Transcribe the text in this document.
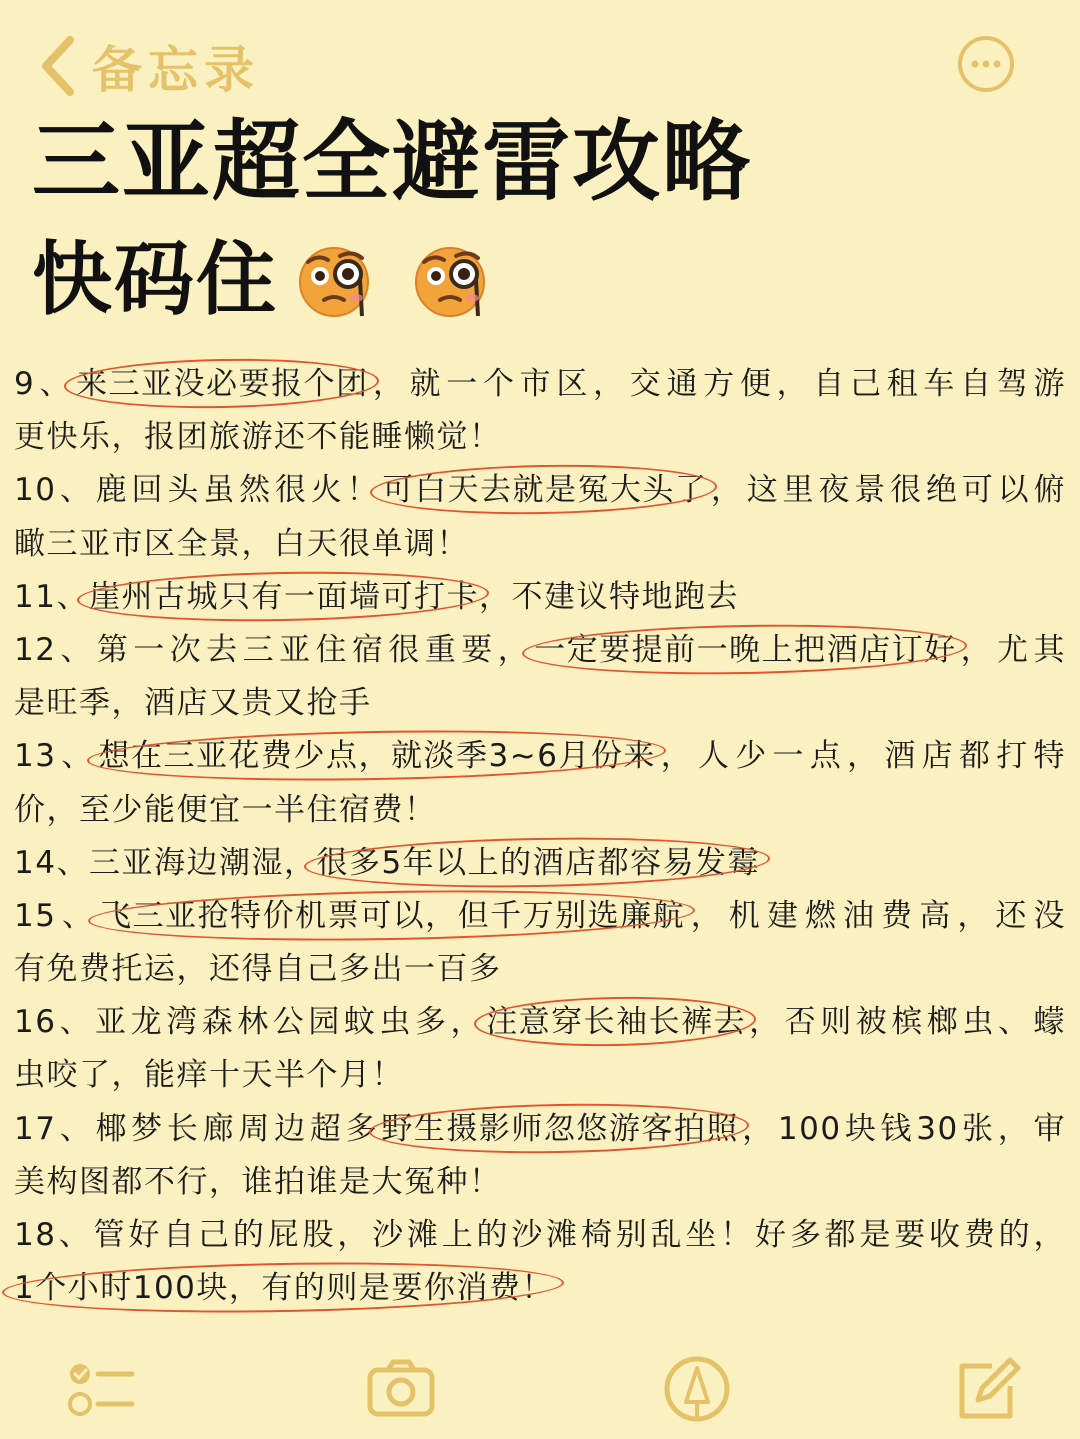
备忘录
三亚超全避雷攻略
快码住
9、来三亚没必要报个团，就一个市区，交通方便，自己租车自驾游
更快乐，报团旅游还不能睡懒觉！
10、鹿回头虽然很火！可白天去就是冤大头了，这里夜景很绝可以俯
瞰三亚市区全景，白天很单调！
11、崖州古城只有一面墙可打卡，不建议特地跑去
12、第一次去三亚住宿很重要，一定要提前一晚上把酒店订好，尤其
是旺季，酒店又贵又抢手
13、想在三亚花费少点，就淡季3~6月份来，人少一点，酒店都打特
价，至少能便宜一半住宿费！
14、三亚海边潮湿，很多5年以上的酒店都容易发霉
15、飞三亚抢特价机票可以，但千万别选廉航，机建燃油费高，还没
有免费托运，还得自己多出一百多
16、亚龙湾森林公园蚊虫多，注意穿长袖长裤去，否则被槟榔虫、蠓
虫咬了，能痒十天半个月！
17、椰梦长廊周边超多野生摄影师忽悠游客拍照，100块钱30张，审
美构图都不行，谁拍谁是大冤种！
18、管好自己的屁股，沙滩上的沙滩椅别乱坐！好多都是要收费的，
1个小时100块，有的则是要你消费！
